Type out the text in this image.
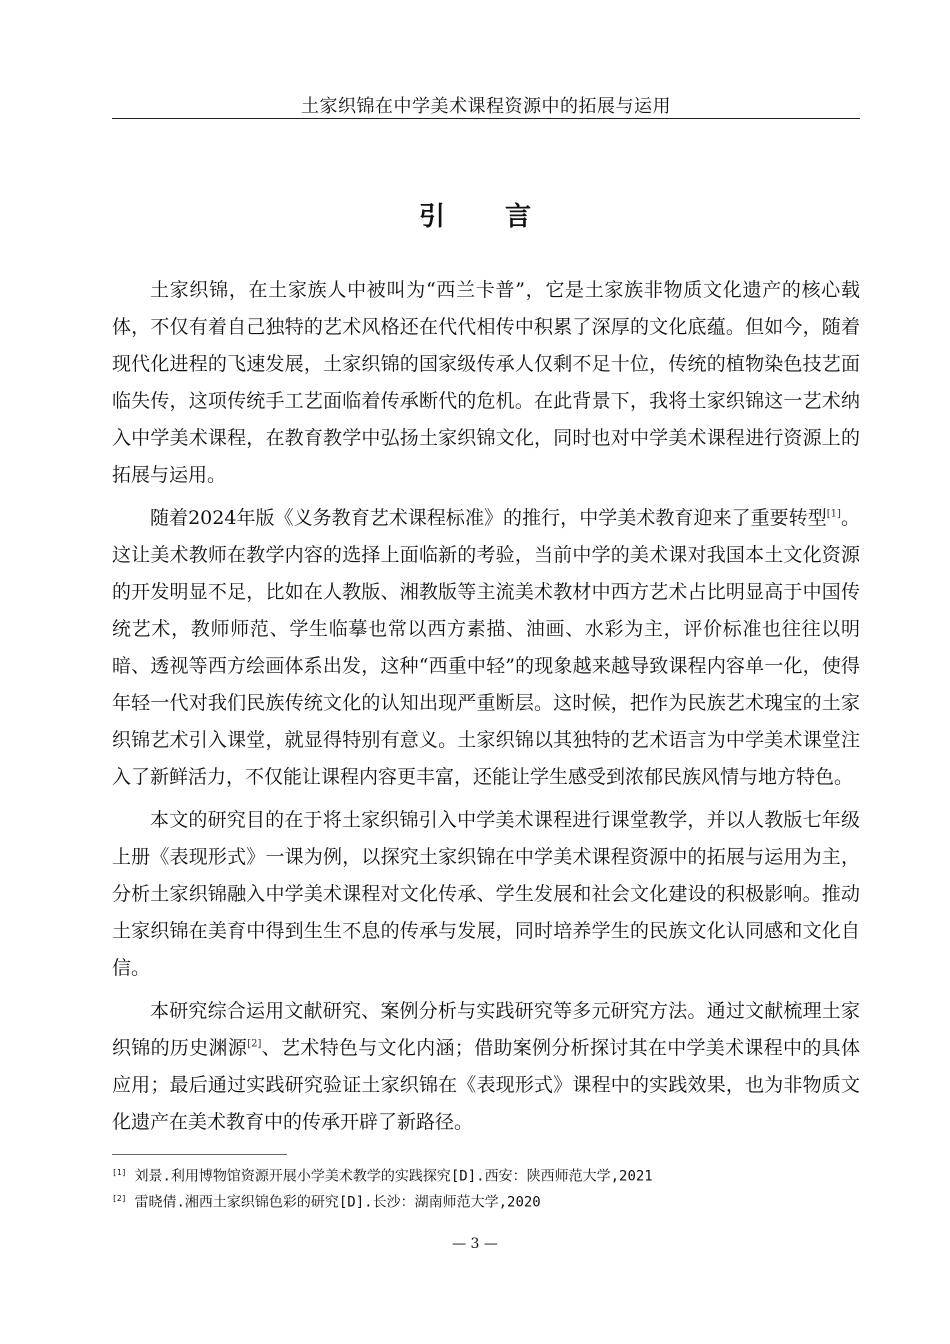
土家织锦在中学美术课程资源中的拓展与运用
引言

土家织锦，在土家族人中被叫为“西兰卡普”，它是土家族非物质文化遗产的核心载体，不仅有着自己独特的艺术风格还在代代相传中积累了深厚的文化底蕴。但如今，随着现代化进程的飞速发展，土家织锦的国家级传承人仅剩不足十位，传统的植物染色技艺面临失传，这项传统手工艺面临着传承断代的危机。在此背景下，我将土家织锦这一艺术纳入中学美术课程，在教育教学中弘扬土家织锦文化，同时也对中学美术课程进行资源上的拓展与运用。

随着2024年版《义务教育艺术课程标准》的推行，中学美术教育迎来了重要转型[1]。这让美术教师在教学内容的选择上面临新的考验，当前中学的美术课对我国本土文化资源的开发明显不足，比如在人教版、湘教版等主流美术教材中西方艺术占比明显高于中国传统艺术，教师师范、学生临摹也常以西方素描、油画、水彩为主，评价标准也往往以明暗、透视等西方绘画体系出发，这种“西重中轻”的现象越来越导致课程内容单一化，使得年轻一代对我们民族传统文化的认知出现严重断层。这时候，把作为民族艺术瑰宝的土家织锦艺术引入课堂，就显得特别有意义。土家织锦以其独特的艺术语言为中学美术课堂注入了新鲜活力，不仅能让课程内容更丰富，还能让学生感受到浓郁民族风情与地方特色。

本文的研究目的在于将土家织锦引入中学美术课程进行课堂教学，并以人教版七年级上册《表现形式》一课为例，以探究土家织锦在中学美术课程资源中的拓展与运用为主，分析土家织锦融入中学美术课程对文化传承、学生发展和社会文化建设的积极影响。推动土家织锦在美育中得到生生不息的传承与发展，同时培养学生的民族文化认同感和文化自信。

本研究综合运用文献研究、案例分析与实践研究等多元研究方法。通过文献梳理土家织锦的历史渊源[2]、艺术特色与文化内涵；借助案例分析探讨其在中学美术课程中的具体应用；最后通过实践研究验证土家织锦在《表现形式》课程中的实践效果，也为非物质文化遗产在美术教育中的传承开辟了新路径。

[1] 刘景.利用博物馆资源开展小学美术教学的实践探究[D].西安：陕西师范大学,2021
[2] 雷晓倩.湘西土家织锦色彩的研究[D].长沙：湖南师范大学,2020
— 3 —
